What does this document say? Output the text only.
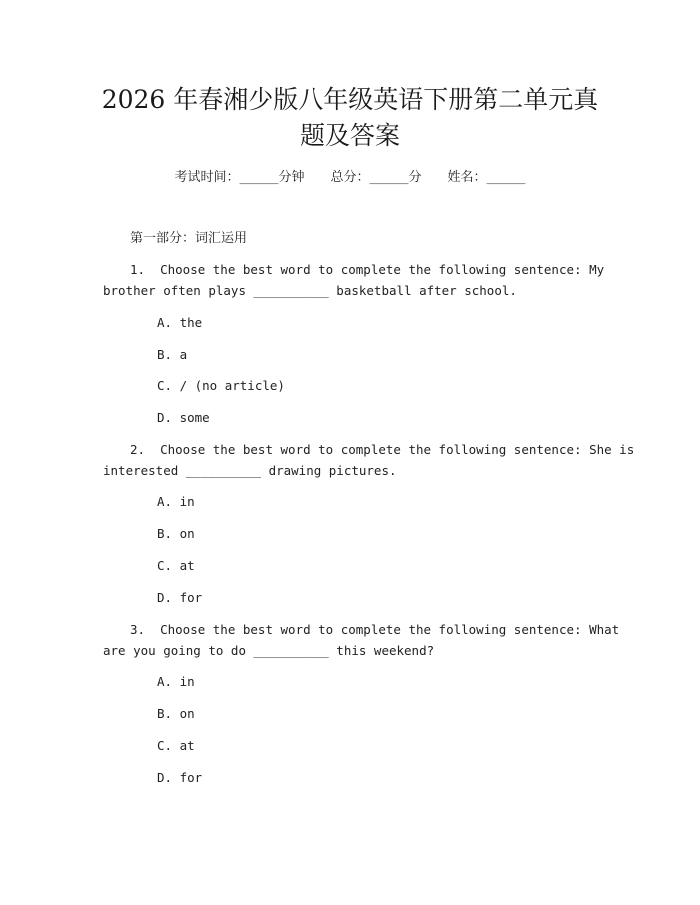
2026 年春湘少版八年级英语下册第二单元真
题及答案
考试时间：______分钟 总分：______分 姓名：______
第一部分：词汇运用
1.  Choose the best word to complete the following sentence: My
brother often plays __________ basketball after school.
A. the
B. a
C. / (no article)
D. some
2.  Choose the best word to complete the following sentence: She is
interested __________ drawing pictures.
A. in
B. on
C. at
D. for
3.  Choose the best word to complete the following sentence: What
are you going to do __________ this weekend?
A. in
B. on
C. at
D. for
